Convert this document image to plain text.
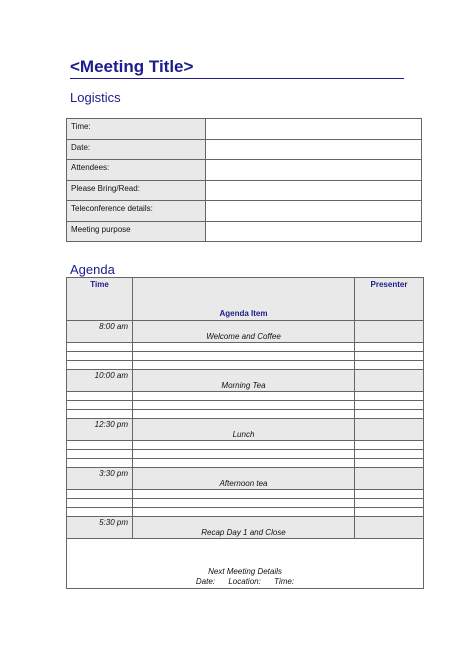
<Meeting Title>
Logistics
Time:	
Date:	
Attendees:	
Please Bring/Read:	
Teleconference details:	
Meeting purpose	
Agenda
Time	Agenda Item	Presenter
8:00 am	Welcome and Coffee	

10:00 am	Morning Tea	

12:30 pm	Lunch	

3:30 pm	Afternoon tea	

5:30 pm	Recap Day 1 and Close	

Next Meeting Details
Date:      Location:      Time:		
